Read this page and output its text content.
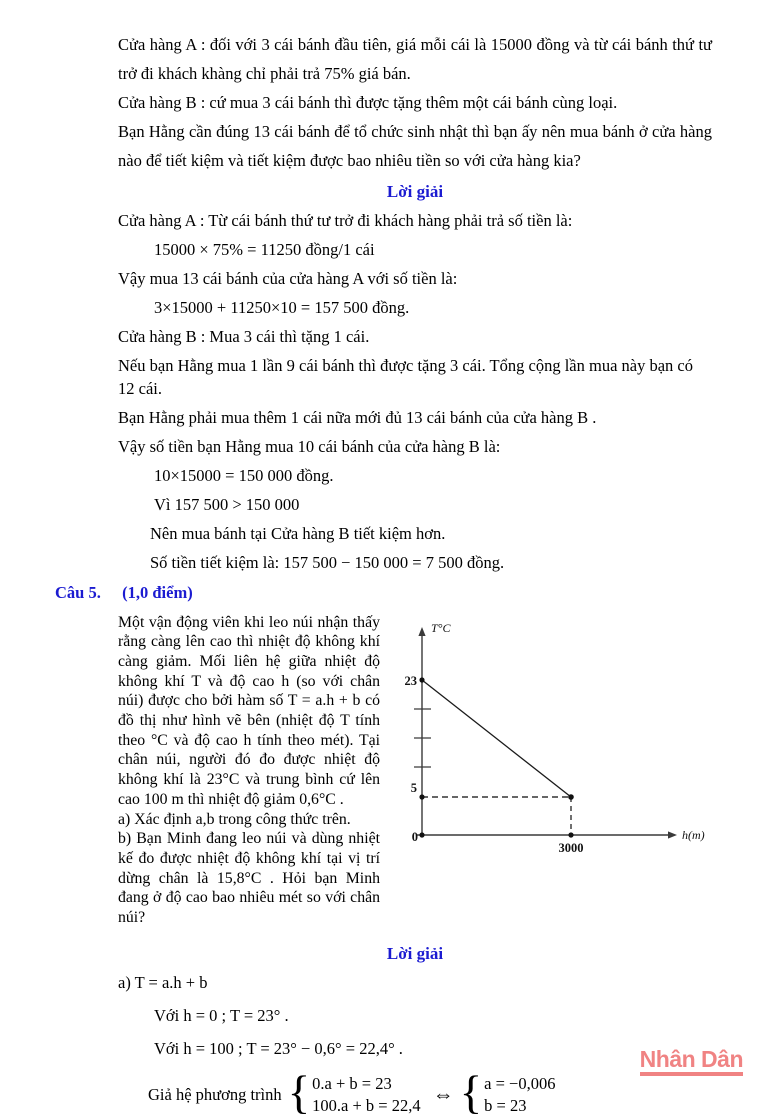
Cửa hàng A : đối với 3 cái bánh đầu tiên, giá mỗi cái là 15000 đồng và từ cái bánh thứ tư trở đi khách khàng chỉ phải trả 75% giá bán.

Cửa hàng B : cứ mua 3 cái bánh thì được tặng thêm một cái bánh cùng loại.

Bạn Hằng cần đúng 13 cái bánh để tổ chức sinh nhật thì bạn ấy nên mua bánh ở cửa hàng nào để tiết kiệm và tiết kiệm được bao nhiêu tiền so với cửa hàng kia?

Lời giải

Cửa hàng A : Từ cái bánh thứ tư trở đi khách hàng phải trả số tiền là:

15000 × 75% = 11250 đồng/1 cái

Vậy mua 13 cái bánh của cửa hàng A với số tiền là:

3×15000 + 11250×10 = 157 500 đồng.

Cửa hàng B : Mua 3 cái thì tặng 1 cái.

Nếu bạn Hằng mua 1 lần 9 cái bánh thì được tặng 3 cái. Tổng cộng lần mua này bạn có 12 cái.

Bạn Hằng phải mua thêm 1 cái nữa mới đủ 13 cái bánh của cửa hàng B .

Vậy số tiền bạn Hằng mua 10 cái bánh của cửa hàng B là:

10×15000 = 150 000 đồng.

Vì 157 500 > 150 000

Nên mua bánh tại Cửa hàng B tiết kiệm hơn.

Số tiền tiết kiệm là: 157 500 − 150 000 = 7 500 đồng.

Câu 5. (1,0 điểm)

Một vận động viên khi leo núi nhận thấy rằng càng lên cao thì nhiệt độ không khí càng giảm. Mối liên hệ giữa nhiệt độ không khí T và độ cao h (so với chân núi) được cho bởi hàm số T = a.h + b có đồ thị như hình vẽ bên (nhiệt độ T tính theo °C và độ cao h tính theo mét). Tại chân núi, người đó đo được nhiệt độ không khí là 23°C và trung bình cứ lên cao 100 m thì nhiệt độ giảm 0,6°C .

a) Xác định a,b trong công thức trên.

b) Bạn Minh đang leo núi và dùng nhiệt kế đo được nhiệt độ không khí tại vị trí dừng chân là 15,8°C . Hỏi bạn Minh đang ở độ cao bao nhiêu mét so với chân núi?

T°C
h(m)
23
5
0
3000
Lời giải

a) T = a.h + b

Với h = 0 ; T = 23° .

Với h = 100 ; T = 23° − 0,6° = 22,4° .

Giả hệ phương trình { 0.a + b = 23
100.a + b = 22,4 ⇔ { a = −0,006
b = 23
Nhân Dân
